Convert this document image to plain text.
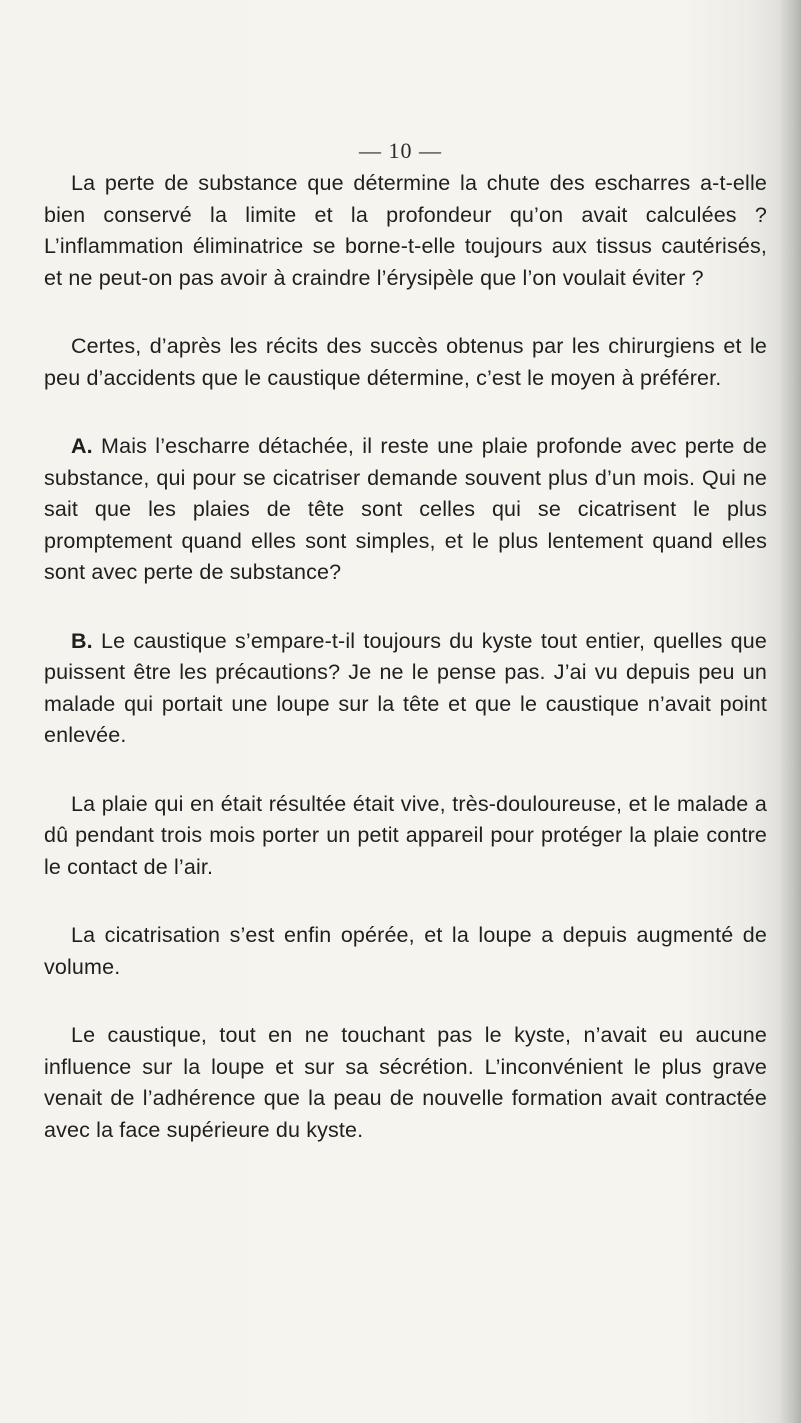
— 10 —

La perte de substance que détermine la chute des escharres a-t-elle bien conservé la limite et la profondeur qu’on avait calculées ? L’inflammation éliminatrice se borne-t-elle toujours aux tissus cautérisés, et ne peut-on pas avoir à craindre l’érysipèle que l’on voulait éviter ?

Certes, d’après les récits des succès obtenus par les chirurgiens et le peu d’accidents que le caustique détermine, c’est le moyen à préférer.

A. Mais l’escharre détachée, il reste une plaie profonde avec perte de substance, qui pour se cicatriser demande souvent plus d’un mois. Qui ne sait que les plaies de tête sont celles qui se cicatrisent le plus promptement quand elles sont simples, et le plus lentement quand elles sont avec perte de substance?

B. Le caustique s’empare-t-il toujours du kyste tout entier, quelles que puissent être les précautions? Je ne le pense pas. J’ai vu depuis peu un malade qui portait une loupe sur la tête et que le caustique n’avait point enlevée.

La plaie qui en était résultée était vive, très-douloureuse, et le malade a dû pendant trois mois porter un petit appareil pour protéger la plaie contre le contact de l’air.

La cicatrisation s’est enfin opérée, et la loupe a depuis augmenté de volume.

Le caustique, tout en ne touchant pas le kyste, n’avait eu aucune influence sur la loupe et sur sa sécrétion. L’inconvénient le plus grave venait de l’adhérence que la peau de nouvelle formation avait contractée avec la face supérieure du kyste.
